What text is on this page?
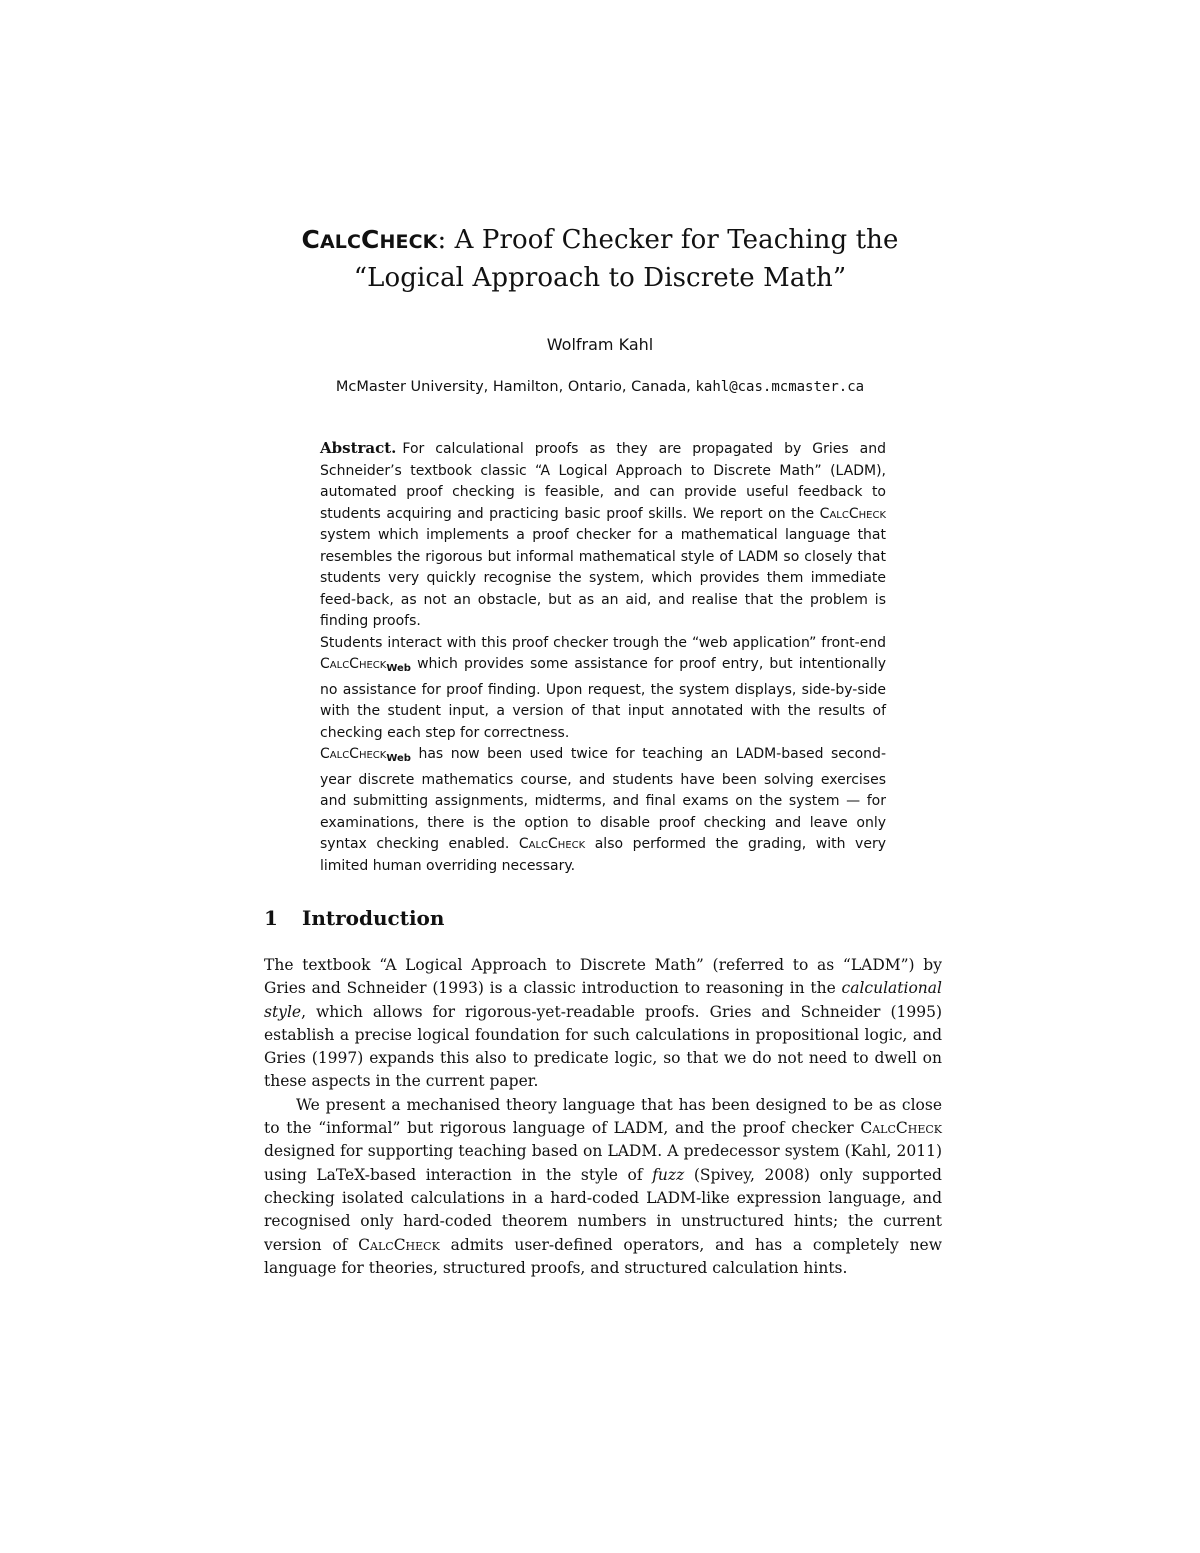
CALCCHECK: A Proof Checker for Teaching the
“Logical Approach to Discrete Math”
Wolfram Kahl
McMaster University, Hamilton, Ontario, Canada, kahl@cas.mcmaster.ca

Abstract. For calculational proofs as they are propagated by Gries and Schneider’s textbook classic “A Logical Approach to Discrete Math” (LADM), automated proof checking is feasible, and can provide useful feedback to students acquiring and practicing basic proof skills. We report on the CalcCheck system which implements a proof checker for a mathematical language that resembles the rigorous but informal mathematical style of LADM so closely that students very quickly recognise the system, which provides them immediate feed-back, as not an obstacle, but as an aid, and realise that the problem is finding proofs.

Students interact with this proof checker trough the “web application” front-end CalcCheck$_{Web}$ which provides some assistance for proof entry, but intentionally no assistance for proof finding. Upon request, the system displays, side-by-side with the student input, a version of that input annotated with the results of checking each step for correctness.

CalcCheck$_{Web}$ has now been used twice for teaching an LADM-based second-year discrete mathematics course, and students have been solving exercises and submitting assignments, midterms, and final exams on the system — for examinations, there is the option to disable proof checking and leave only syntax checking enabled. CalcCheck also performed the grading, with very limited human overriding necessary.

1 Introduction

The textbook “A Logical Approach to Discrete Math” (referred to as “LADM”) by Gries and Schneider (1993) is a classic introduction to reasoning in the calculational style, which allows for rigorous-yet-readable proofs. Gries and Schneider (1995) establish a precise logical foundation for such calculations in propositional logic, and Gries (1997) expands this also to predicate logic, so that we do not need to dwell on these aspects in the current paper.

We present a mechanised theory language that has been designed to be as close to the “informal” but rigorous language of LADM, and the proof checker CalcCheck designed for supporting teaching based on LADM. A predecessor system (Kahl, 2011) using LaTeX-based interaction in the style of fuzz (Spivey, 2008) only supported checking isolated calculations in a hard-coded LADM-like expression language, and recognised only hard-coded theorem numbers in unstructured hints; the current version of CalcCheck admits user-defined operators, and has a completely new language for theories, structured proofs, and structured calculation hints.
